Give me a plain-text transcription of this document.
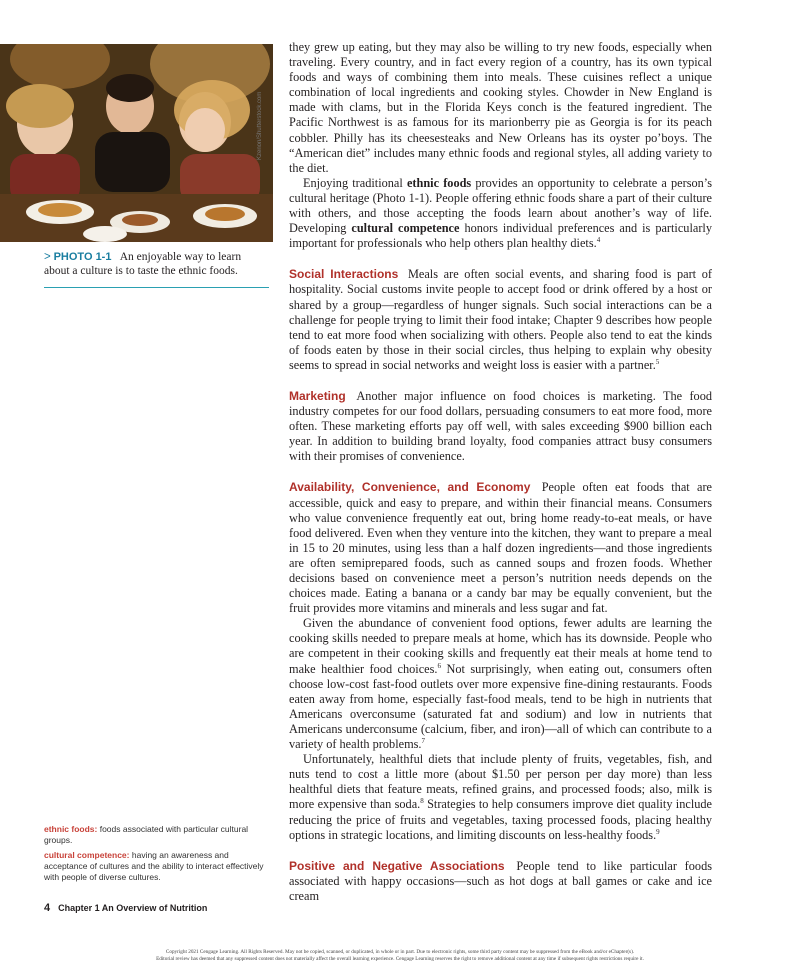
Kzenon/Shutterstock.com
> PHOTO 1-1 An enjoyable way to learn about a culture is to taste the ethnic foods.

they grew up eating, but they may also be willing to try new foods, especially when traveling. Every country, and in fact every region of a country, has its own typical foods and ways of combining them into meals. These cuisines reflect a unique combination of local ingredients and cooking styles. Chowder in New England is made with clams, but in the Florida Keys conch is the featured ingredient. The Pacific Northwest is as famous for its marionberry pie as Georgia is for its peach cobbler. Philly has its cheesesteaks and New Orleans has its oyster po’boys. The “American diet” includes many ethnic foods and regional styles, all adding variety to the diet.

Enjoying traditional ethnic foods provides an opportunity to celebrate a person’s cultural heritage (Photo 1-1). People offering ethnic foods share a part of their culture with others, and those accepting the foods learn about another’s way of life. Developing cultural competence honors individual preferences and is particularly important for professionals who help others plan healthy diets.$^4$

Social Interactions Meals are often social events, and sharing food is part of hospitality. Social customs invite people to accept food or drink offered by a host or shared by a group—regardless of hunger signals. Such social interactions can be a challenge for people trying to limit their food intake; Chapter 9 describes how people tend to eat more food when socializing with others. People also tend to eat the kinds of foods eaten by those in their social circles, thus helping to explain why obesity seems to spread in social networks and weight loss is easier with a partner.$^5$

Marketing Another major influence on food choices is marketing. The food industry competes for our food dollars, persuading consumers to eat more food, more often. These marketing efforts pay off well, with sales exceeding $900 billion each year. In addition to building brand loyalty, food companies attract busy consumers with their promises of convenience.

Availability, Convenience, and Economy People often eat foods that are accessible, quick and easy to prepare, and within their financial means. Consumers who value convenience frequently eat out, bring home ready-to-eat meals, or have food delivered. Even when they venture into the kitchen, they want to prepare a meal in 15 to 20 minutes, using less than a half dozen ingredients—and those ingredients are often semiprepared foods, such as canned soups and frozen foods. Whether decisions based on convenience meet a person’s nutrition needs depends on the choices made. Eating a banana or a candy bar may be equally convenient, but the fruit provides more vitamins and minerals and less sugar and fat.

Given the abundance of convenient food options, fewer adults are learning the cooking skills needed to prepare meals at home, which has its downside. People who are competent in their cooking skills and frequently eat their meals at home tend to make healthier food choices.$^6$ Not surprisingly, when eating out, consumers often choose low-cost fast-food outlets over more expensive fine-dining restaurants. Foods eaten away from home, especially fast-food meals, tend to be high in nutrients that Americans overconsume (saturated fat and sodium) and low in nutrients that Americans underconsume (calcium, fiber, and iron)—all of which can contribute to a variety of health problems.$^7$

Unfortunately, healthful diets that include plenty of fruits, vegetables, fish, and nuts tend to cost a little more (about $1.50 per person per day more) than less healthful diets that feature meats, refined grains, and processed foods; also, milk is more expensive than soda.$^8$ Strategies to help consumers improve diet quality include reducing the price of fruits and vegetables, taxing processed foods, placing healthy options in strategic locations, and limiting discounts on less-healthy foods.$^9$

Positive and Negative Associations People tend to like particular foods associated with happy occasions—such as hot dogs at ball games or cake and ice cream

ethnic foods: foods associated with particular cultural groups.
cultural competence: having an awareness and acceptance of cultures and the ability to interact effectively with people of diverse cultures.
4 Chapter 1 An Overview of Nutrition
Copyright 2021 Cengage Learning. All Rights Reserved. May not be copied, scanned, or duplicated, in whole or in part. Due to electronic rights, some third party content may be suppressed from the eBook and/or eChapter(s).
Editorial review has deemed that any suppressed content does not materially affect the overall learning experience. Cengage Learning reserves the right to remove additional content at any time if subsequent rights restrictions require it.
